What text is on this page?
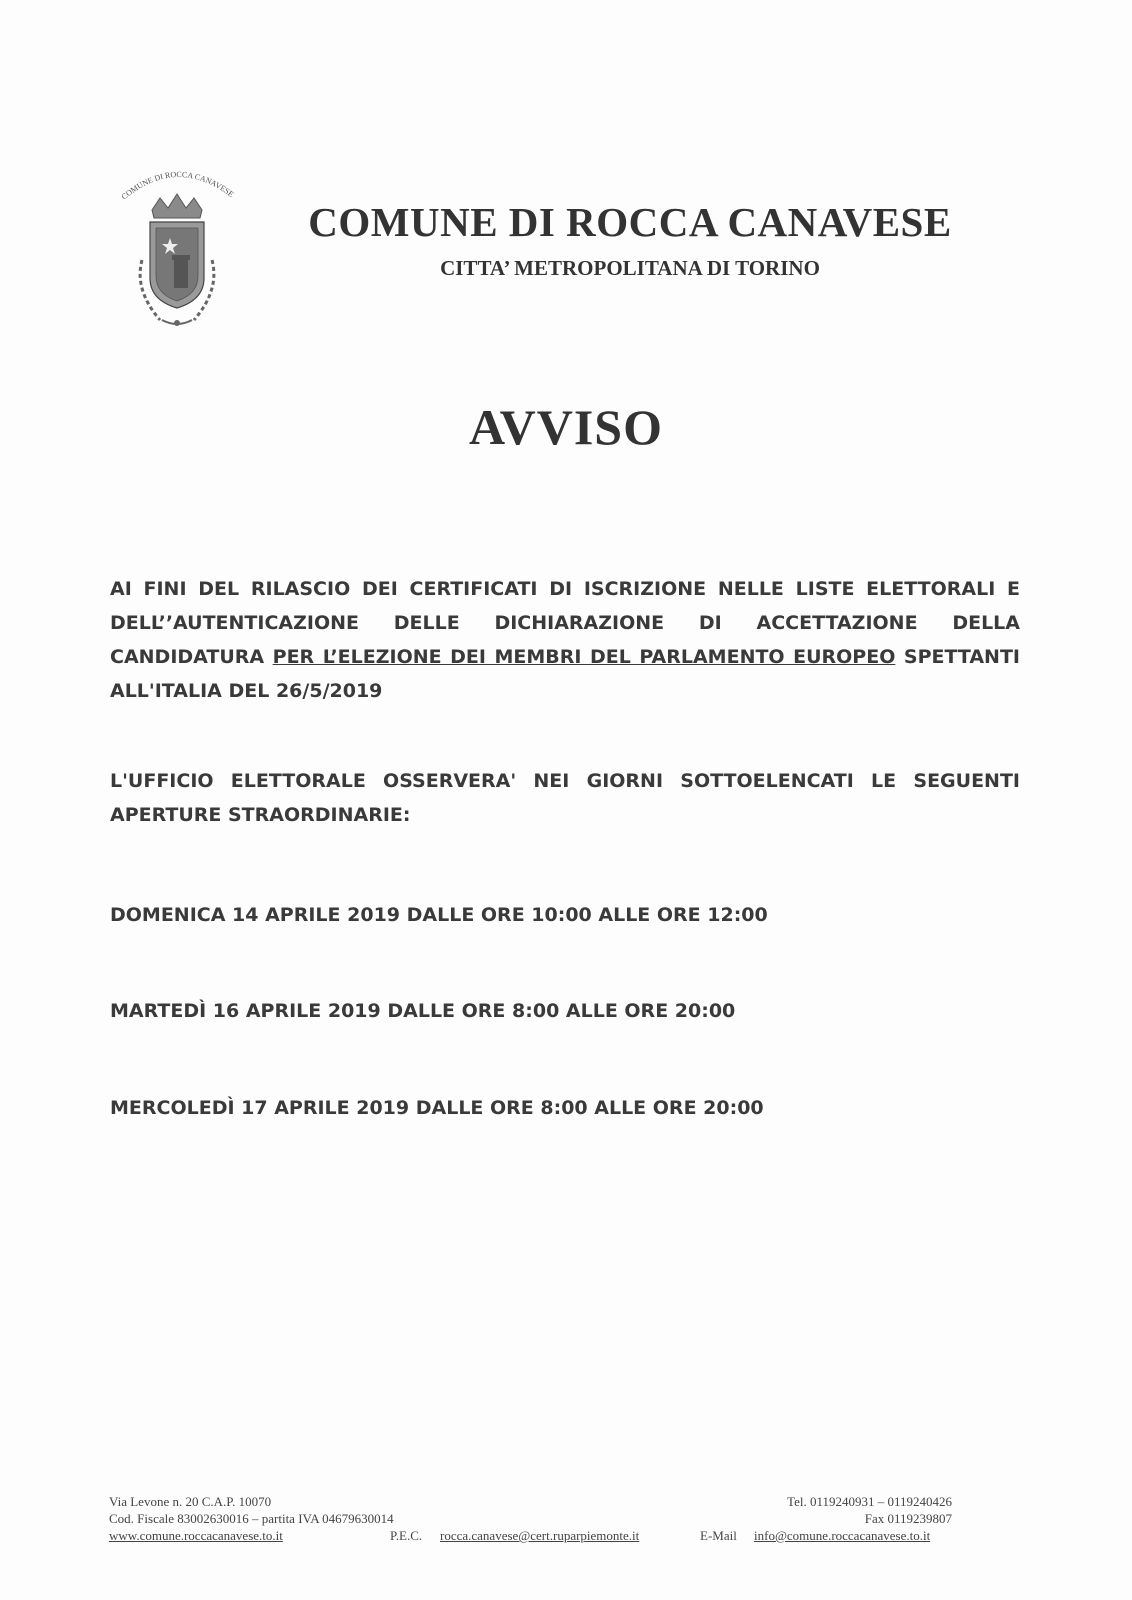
COMUNE DI ROCCA CANAVESE
COMUNE DI ROCCA CANAVESE
CITTA’ METROPOLITANA DI TORINO
AVVISO
AI FINI DEL RILASCIO DEI CERTIFICATI DI ISCRIZIONE NELLE LISTE ELETTORALI E DELL’’AUTENTICAZIONE DELLE DICHIARAZIONE DI ACCETTAZIONE DELLA CANDIDATURA PER L’ELEZIONE DEI MEMBRI DEL PARLAMENTO EUROPEO SPETTANTI ALL'ITALIA DEL 26/5/2019
L'UFFICIO ELETTORALE OSSERVERA' NEI GIORNI SOTTOELENCATI LE SEGUENTI APERTURE STRAORDINARIE:
DOMENICA 14 APRILE 2019 DALLE ORE 10:00 ALLE ORE 12:00
MARTEDÌ 16 APRILE 2019 DALLE ORE 8:00 ALLE ORE 20:00
MERCOLEDÌ 17 APRILE 2019 DALLE ORE 8:00 ALLE ORE 20:00
Via Levone n. 20 C.A.P. 10070
Cod. Fiscale 83002630016 – partita IVA 04679630014
www.comune.roccacanavese.to.it	P.E.C. rocca.canavese@cert.ruparpiemonte.it
Tel. 0119240931 – 0119240426
Fax 0119239807
E-Mail info@comune.roccacanavese.to.it
